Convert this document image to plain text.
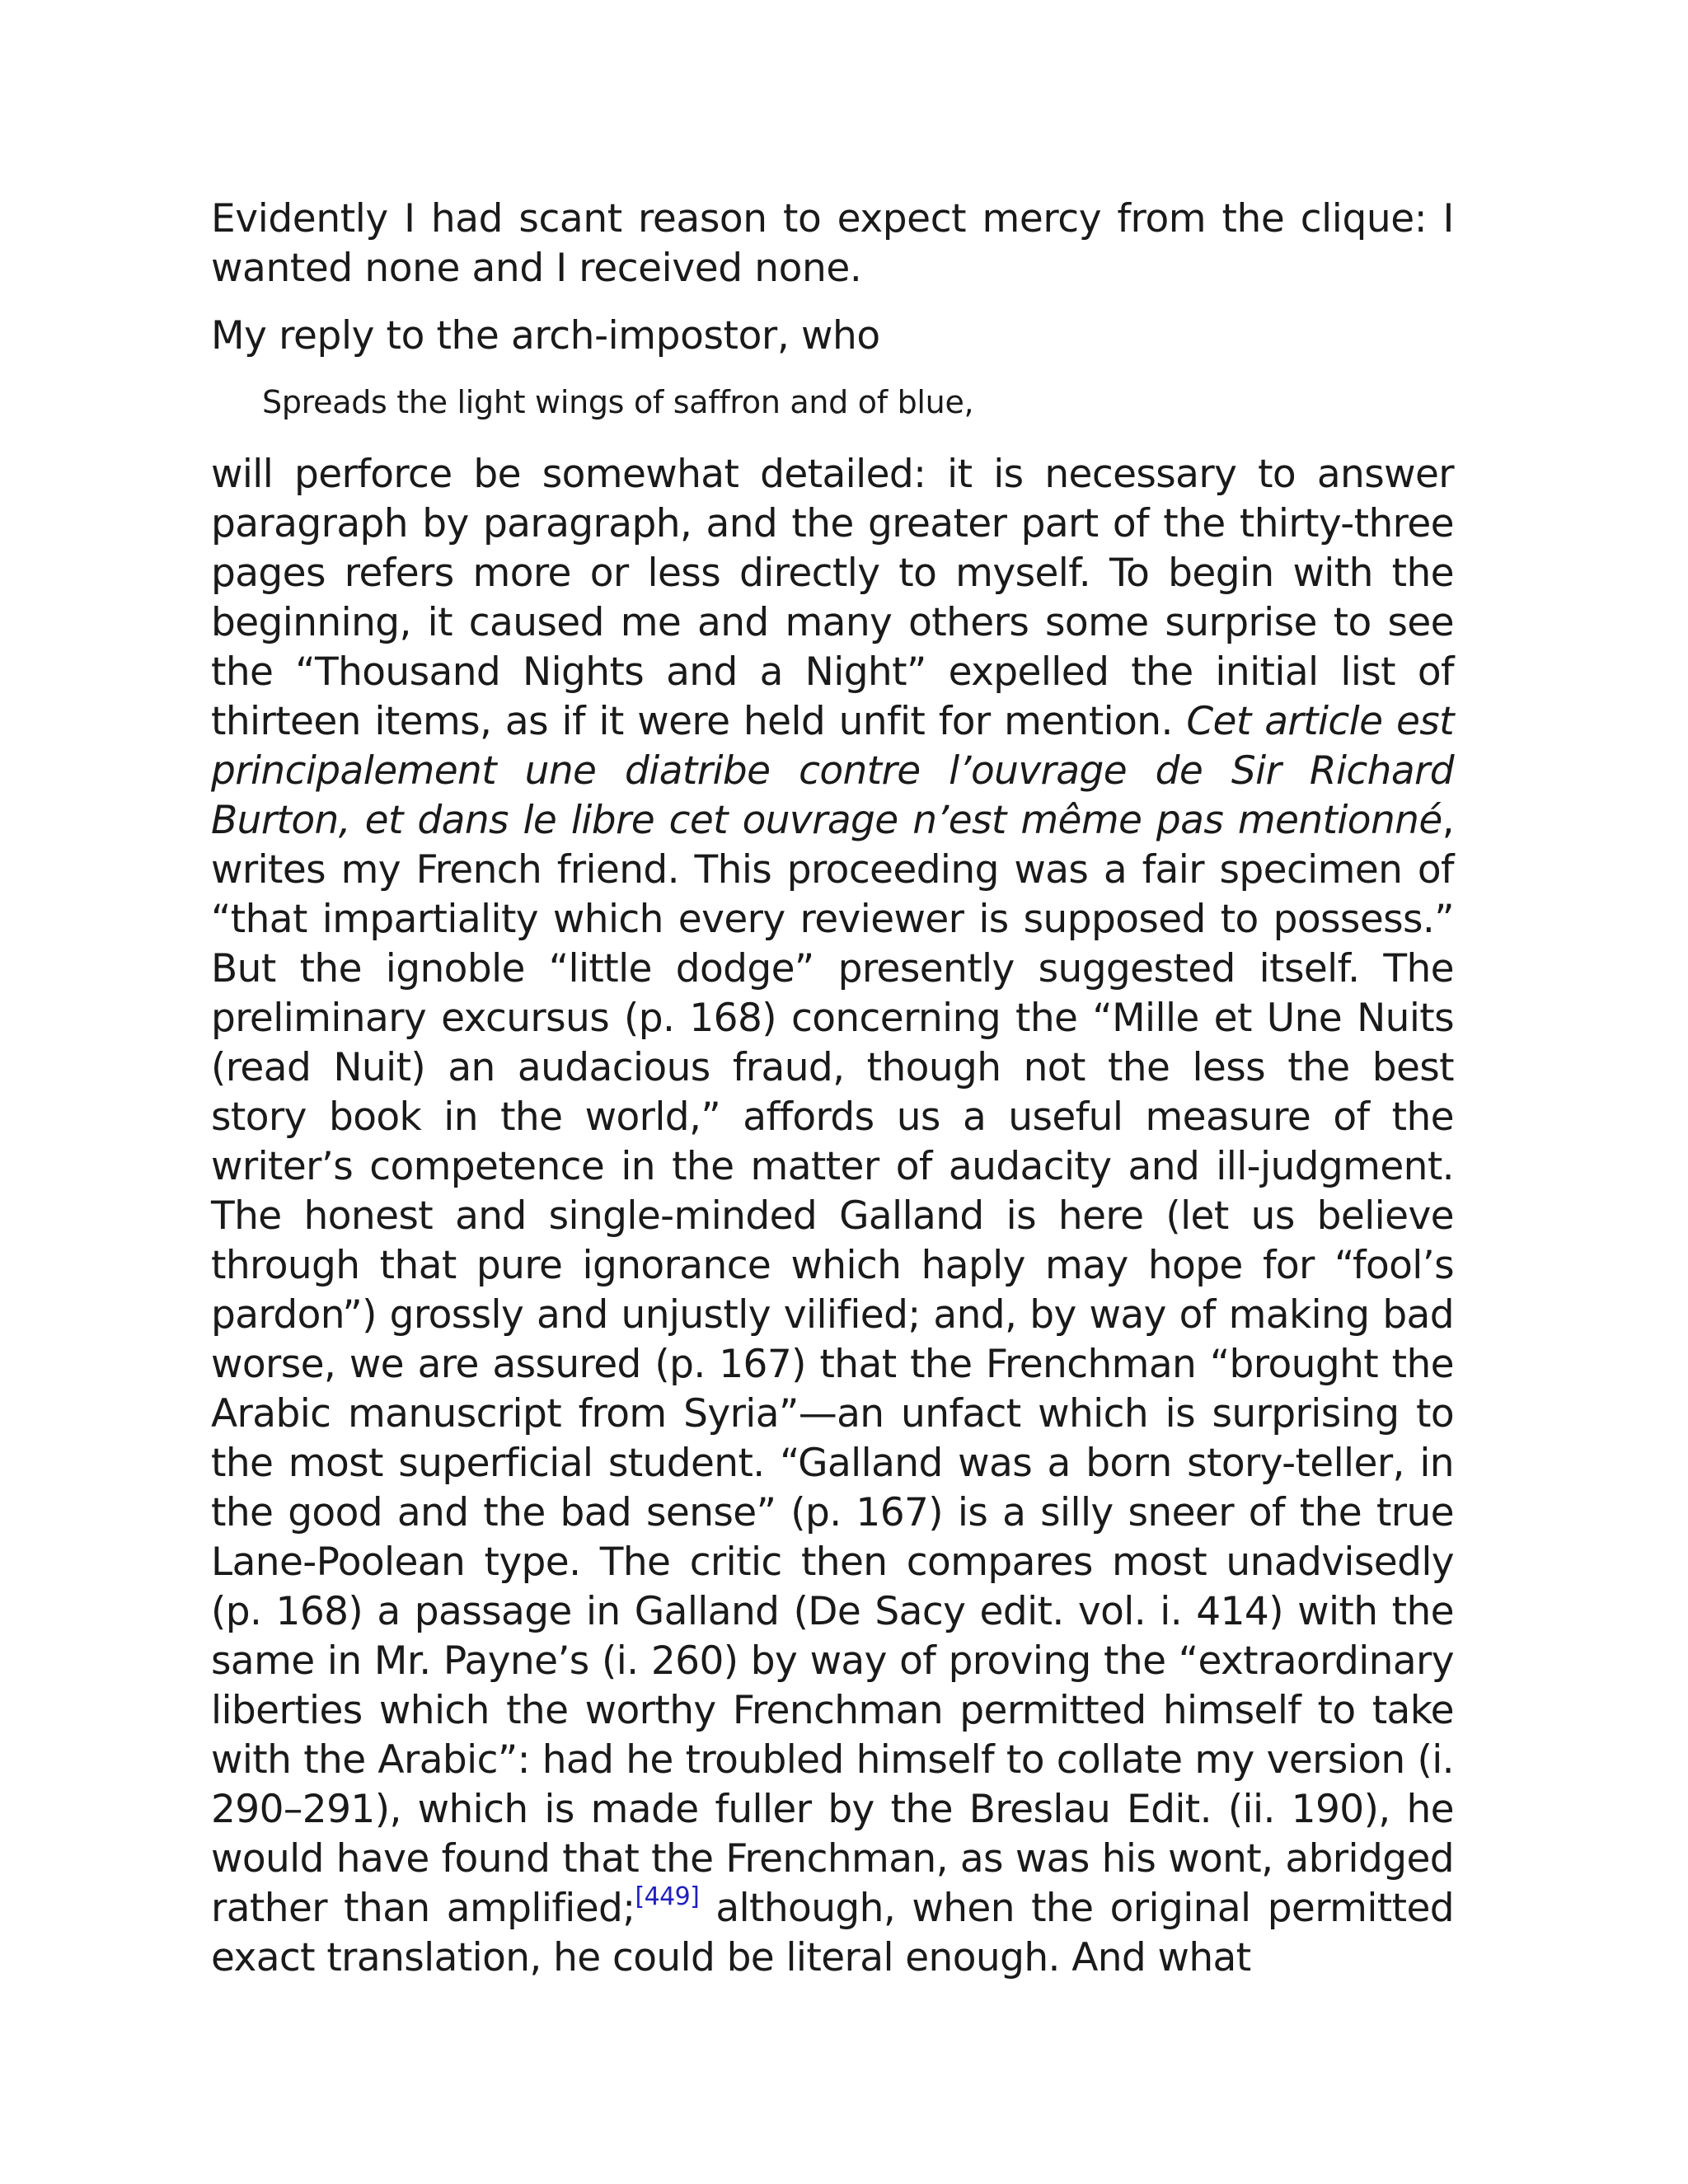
Evidently I had scant reason to expect mercy from the clique: I wanted none and I received none.

My reply to the arch-impostor, who

Spreads the light wings of saffron and of blue,

will perforce be somewhat detailed: it is necessary to answer paragraph by paragraph, and the greater part of the thirty-three pages refers more or less directly to myself. To begin with the beginning, it caused me and many others some surprise to see the “Thousand Nights and a Night” expelled the initial list of thirteen items, as if it were held unfit for mention. Cet article est principalement une diatribe contre l’ouvrage de Sir Richard Burton, et dans le libre cet ouvrage n’est même pas mentionné, writes my French friend. This proceeding was a fair specimen of “that impartiality which every reviewer is supposed to possess.” But the ignoble “little dodge” presently suggested itself. The preliminary excursus (p. 168) concerning the “Mille et Une Nuits (read Nuit) an audacious fraud, though not the less the best story book in the world,” affords us a useful measure of the writer’s competence in the matter of audacity and ill-judgment. The honest and single-minded Galland is here (let us believe through that pure ignorance which haply may hope for “fool’s pardon”) grossly and unjustly vilified; and, by way of making bad worse, we are assured (p. 167) that the Frenchman “brought the Arabic manuscript from Syria”—an unfact which is surprising to the most superficial student. “Galland was a born story-teller, in the good and the bad sense” (p. 167) is a silly sneer of the true Lane-Poolean type. The critic then compares most unadvisedly (p. 168) a passage in Galland (De Sacy edit. vol. i. 414) with the same in Mr. Payne’s (i. 260) by way of proving the “extraordinary liberties which the worthy Frenchman permitted himself to take with the Arabic”: had he troubled himself to collate my version (i. 290–291), which is made fuller by the Breslau Edit. (ii. 190), he would have found that the Frenchman, as was his wont, abridged rather than amplified;[449] although, when the original permitted exact translation, he could be literal enough. And what
